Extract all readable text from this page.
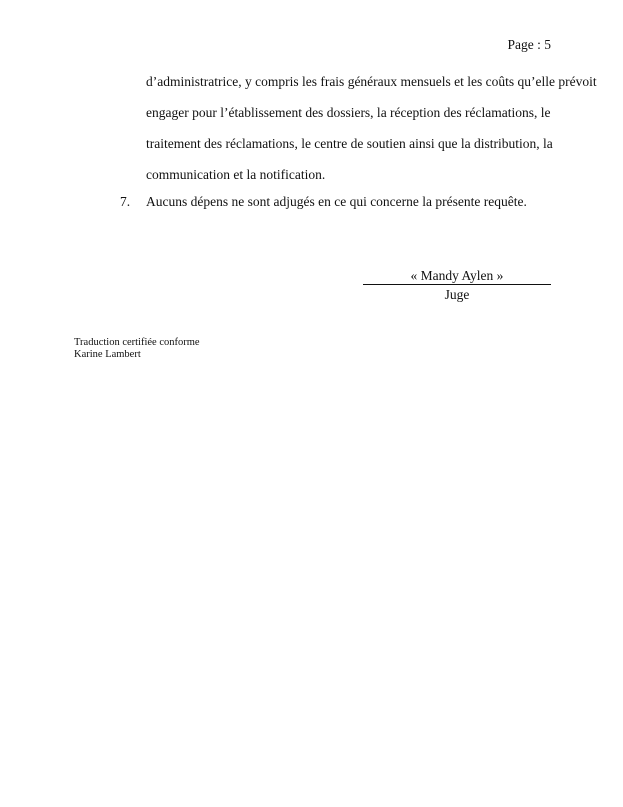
Page : 5
d’administratrice, y compris les frais généraux mensuels et les coûts qu’elle prévoit
engager pour l’établissement des dossiers, la réception des réclamations, le
traitement des réclamations, le centre de soutien ainsi que la distribution, la
communication et la notification.
7. Aucuns dépens ne sont adjugés en ce qui concerne la présente requête.
« Mandy Aylen »
Juge
Traduction certifiée conforme
Karine Lambert
